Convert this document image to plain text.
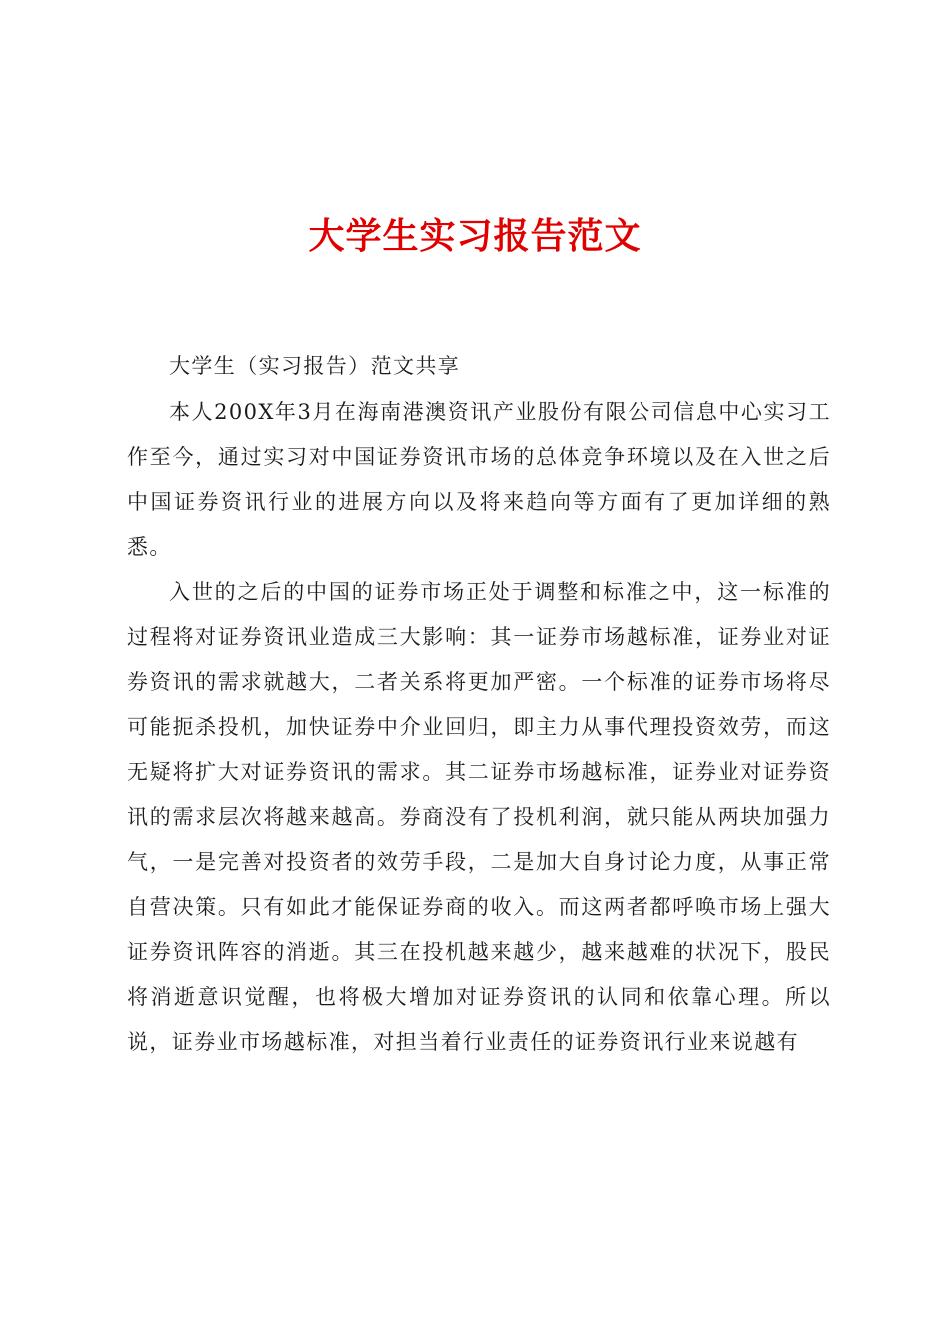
大学生实习报告范文

大学生（实习报告）范文共享

本人200X年3月在海南港澳资讯产业股份有限公司信息中心实习工作至今，通过实习对中国证券资讯市场的总体竞争环境以及在入世之后中国证券资讯行业的进展方向以及将来趋向等方面有了更加详细的熟悉。

入世的之后的中国的证券市场正处于调整和标准之中，这一标准的过程将对证券资讯业造成三大影响：其一证券市场越标准，证券业对证券资讯的需求就越大，二者关系将更加严密。一个标准的证券市场将尽可能扼杀投机，加快证券中介业回归，即主力从事代理投资效劳，而这无疑将扩大对证券资讯的需求。其二证券市场越标准，证券业对证券资讯的需求层次将越来越高。券商没有了投机利润，就只能从两块加强力气，一是完善对投资者的效劳手段，二是加大自身讨论力度，从事正常自营决策。只有如此才能保证券商的收入。而这两者都呼唤市场上强大证券资讯阵容的消逝。其三在投机越来越少，越来越难的状况下，股民将消逝意识觉醒，也将极大增加对证券资讯的认同和依靠心理。所以说，证券业市场越标准，对担当着行业责任的证券资讯行业来说越有
